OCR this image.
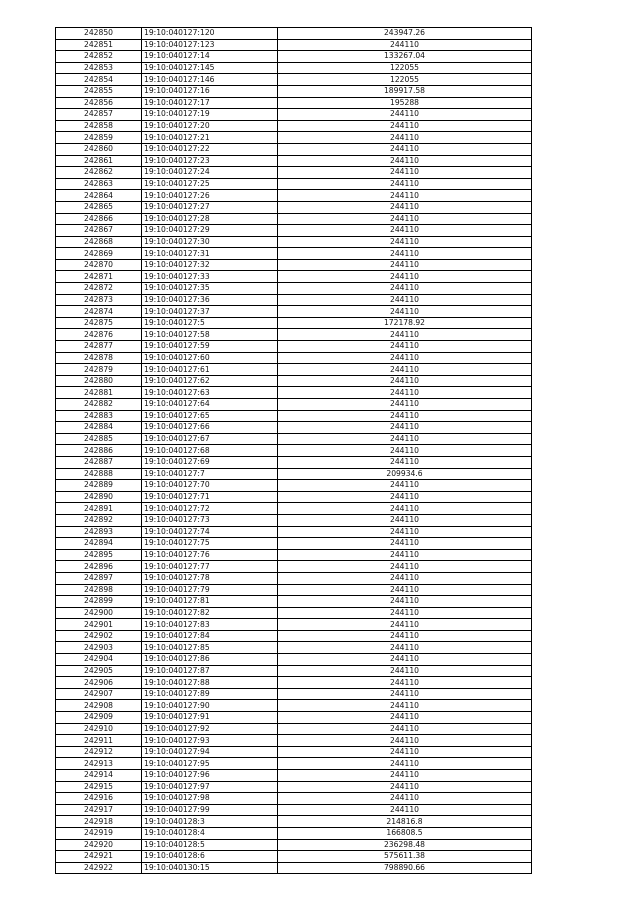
242850	19:10:040127:120	243947.26
242851	19:10:040127:123	244110
242852	19:10:040127:14	133267.04
242853	19:10:040127:145	122055
242854	19:10:040127:146	122055
242855	19:10:040127:16	189917.58
242856	19:10:040127:17	195288
242857	19:10:040127:19	244110
242858	19:10:040127:20	244110
242859	19:10:040127:21	244110
242860	19:10:040127:22	244110
242861	19:10:040127:23	244110
242862	19:10:040127:24	244110
242863	19:10:040127:25	244110
242864	19:10:040127:26	244110
242865	19:10:040127:27	244110
242866	19:10:040127:28	244110
242867	19:10:040127:29	244110
242868	19:10:040127:30	244110
242869	19:10:040127:31	244110
242870	19:10:040127:32	244110
242871	19:10:040127:33	244110
242872	19:10:040127:35	244110
242873	19:10:040127:36	244110
242874	19:10:040127:37	244110
242875	19:10:040127:5	172178.92
242876	19:10:040127:58	244110
242877	19:10:040127:59	244110
242878	19:10:040127:60	244110
242879	19:10:040127:61	244110
242880	19:10:040127:62	244110
242881	19:10:040127:63	244110
242882	19:10:040127:64	244110
242883	19:10:040127:65	244110
242884	19:10:040127:66	244110
242885	19:10:040127:67	244110
242886	19:10:040127:68	244110
242887	19:10:040127:69	244110
242888	19:10:040127:7	209934.6
242889	19:10:040127:70	244110
242890	19:10:040127:71	244110
242891	19:10:040127:72	244110
242892	19:10:040127:73	244110
242893	19:10:040127:74	244110
242894	19:10:040127:75	244110
242895	19:10:040127:76	244110
242896	19:10:040127:77	244110
242897	19:10:040127:78	244110
242898	19:10:040127:79	244110
242899	19:10:040127:81	244110
242900	19:10:040127:82	244110
242901	19:10:040127:83	244110
242902	19:10:040127:84	244110
242903	19:10:040127:85	244110
242904	19:10:040127:86	244110
242905	19:10:040127:87	244110
242906	19:10:040127:88	244110
242907	19:10:040127:89	244110
242908	19:10:040127:90	244110
242909	19:10:040127:91	244110
242910	19:10:040127:92	244110
242911	19:10:040127:93	244110
242912	19:10:040127:94	244110
242913	19:10:040127:95	244110
242914	19:10:040127:96	244110
242915	19:10:040127:97	244110
242916	19:10:040127:98	244110
242917	19:10:040127:99	244110
242918	19:10:040128:3	214816.8
242919	19:10:040128:4	166808.5
242920	19:10:040128:5	236298.48
242921	19:10:040128:6	575611.38
242922	19:10:040130:15	798890.66
